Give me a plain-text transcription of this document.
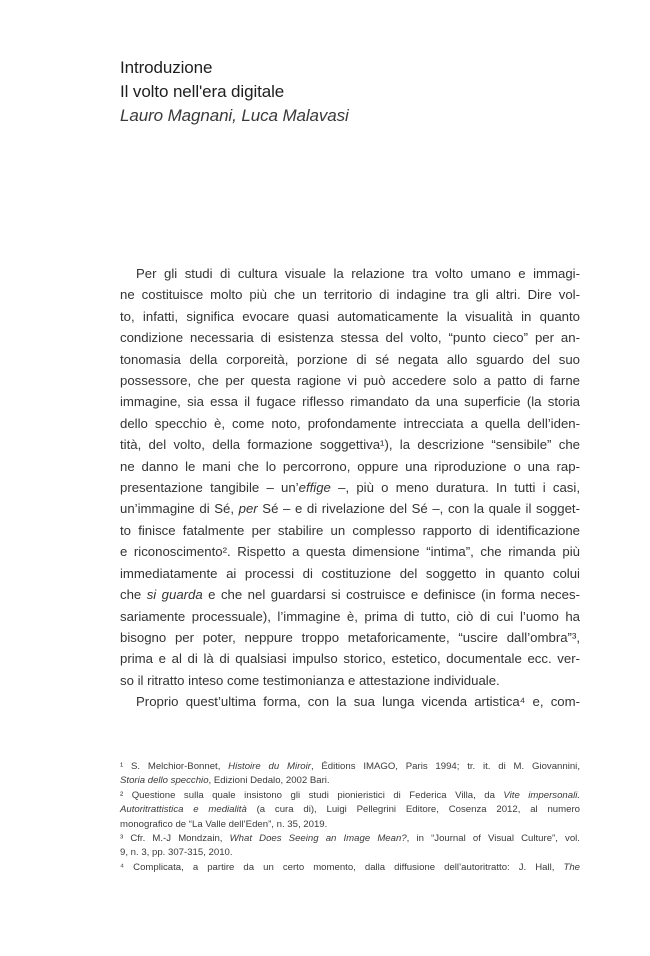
Introduzione
Il volto nell'era digitale
Lauro Magnani, Luca Malavasi
Per gli studi di cultura visuale la relazione tra volto umano e immagi-
ne costituisce molto più che un territorio di indagine tra gli altri. Dire vol-
to, infatti, significa evocare quasi automaticamente la visualità in quanto
condizione necessaria di esistenza stessa del volto, “punto cieco” per an-
tonomasia della corporeità, porzione di sé negata allo sguardo del suo
possessore, che per questa ragione vi può accedere solo a patto di farne
immagine, sia essa il fugace riflesso rimandato da una superficie (la storia
dello specchio è, come noto, profondamente intrecciata a quella dell’iden-
tità, del volto, della formazione soggettiva¹), la descrizione “sensibile” che
ne danno le mani che lo percorrono, oppure una riproduzione o una rap-
presentazione tangibile – un’effige –, più o meno duratura. In tutti i casi,
un’immagine di Sé, per Sé – e di rivelazione del Sé –, con la quale il sogget-
to finisce fatalmente per stabilire un complesso rapporto di identificazione
e riconoscimento². Rispetto a questa dimensione “intima”, che rimanda più
immediatamente ai processi di costituzione del soggetto in quanto colui
che si guarda e che nel guardarsi si costruisce e definisce (in forma neces-
sariamente processuale), l’immagine è, prima di tutto, ciò di cui l’uomo ha
bisogno per poter, neppure troppo metaforicamente, “uscire dall’ombra”³,
prima e al di là di qualsiasi impulso storico, estetico, documentale ecc. ver-
so il ritratto inteso come testimonianza e attestazione individuale.
Proprio quest’ultima forma, con la sua lunga vicenda artistica⁴ e, com-
¹ S. Melchior-Bonnet, Histoire du Miroir, Éditions IMAGO, Paris 1994; tr. it. di M. Giovannini,
Storia dello specchio, Edizioni Dedalo, 2002 Bari.
² Questione sulla quale insistono gli studi pionieristici di Federica Villa, da Vite impersonali.
Autoritrattistica e medialità (a cura di), Luigi Pellegrini Editore, Cosenza 2012, al numero
monografico de “La Valle dell’Eden”, n. 35, 2019.
³ Cfr. M.-J Mondzain, What Does Seeing an Image Mean?, in “Journal of Visual Culture”, vol.
9, n. 3, pp. 307-315, 2010.
⁴ Complicata, a partire da un certo momento, dalla diffusione dell’autoritratto: J. Hall, The
